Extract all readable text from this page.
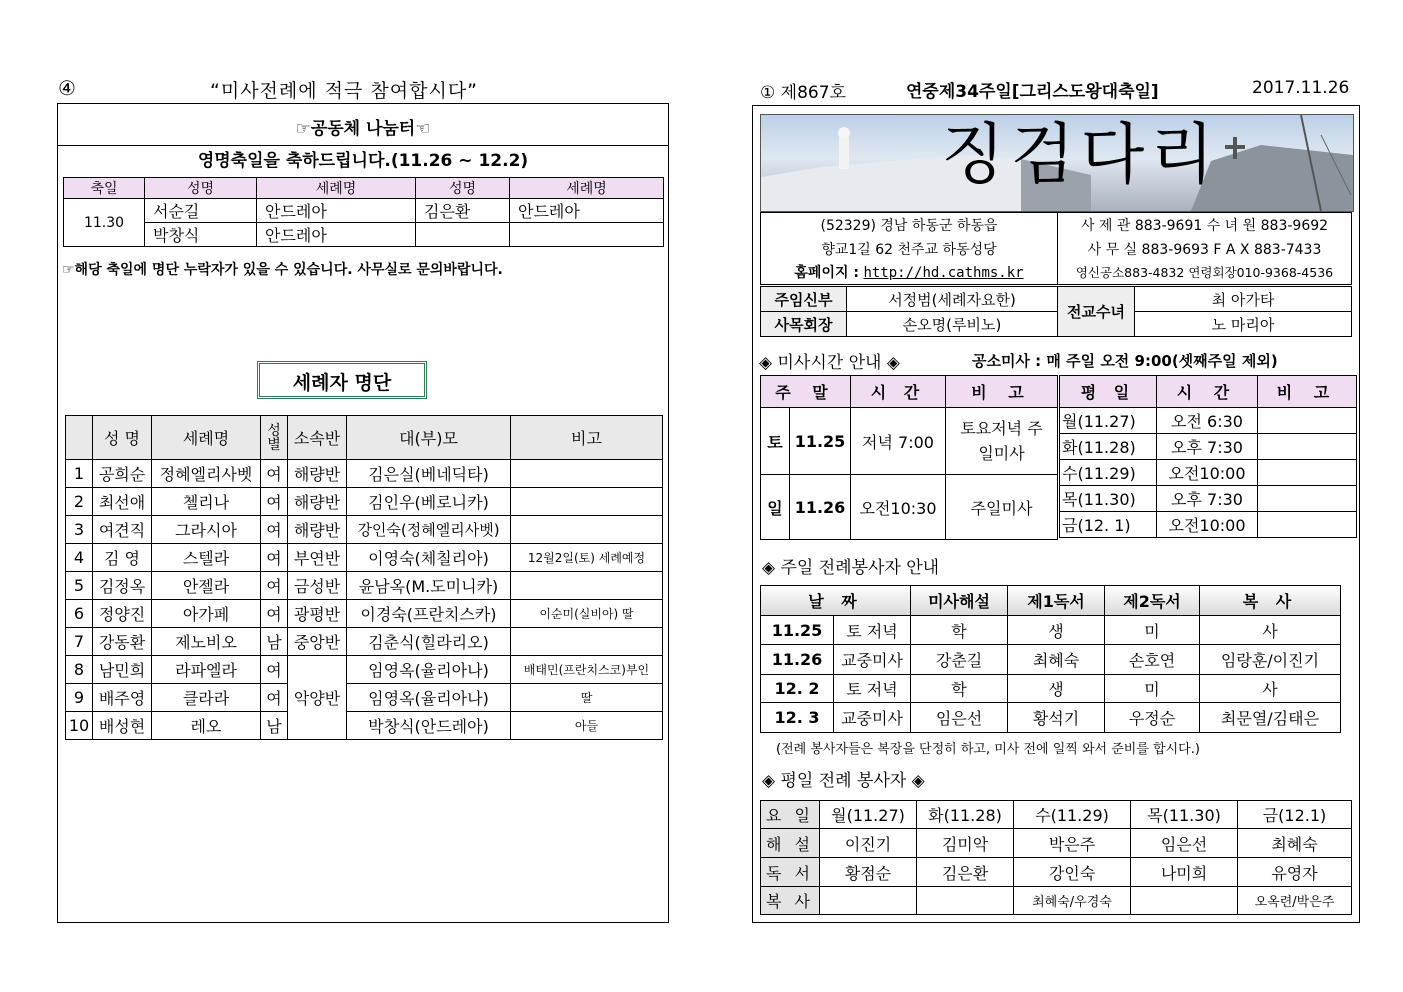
④	“미사전례에 적극 참여합시다”
☞공동체 나눔터☜
영명축일을 축하드립니다.(11.26 ~ 12.2)
축일	성명	세례명	성명	세례명
11.30	서순길	안드레아	김은환	안드레아
	박창식	안드레아		
☞해당 축일에 명단 누락자가 있을 수 있습니다. 사무실로 문의바랍니다.
세례자 명단
	성 명	세례명	성별	소속반	대(부)모	비고
1	공희순	정혜엘리사벳	여	해량반	김은실(베네딕타)	
2	최선애	첼리나	여	해량반	김인우(베로니카)	
3	여견직	그라시아	여	해량반	강인숙(정혜엘리사벳)	
4	김 영	스텔라	여	부연반	이영숙(체칠리아)	12월2일(토) 세례예정
5	김정옥	안젤라	여	금성반	윤남옥(M.도미니카)	
6	정양진	아가페	여	광평반	이경숙(프란치스카)	이순미(실비아) 딸
7	강동환	제노비오	남	중앙반	김춘식(힐라리오)	
8	남민희	라파엘라	여	악양반	임영옥(율리아나)	배태민(프란치스코)부인
9	배주영	클라라	여		임영옥(율리아나)	딸
10	배성현	레오	남		박창식(안드레아)	아들
① 제867호	연중제34주일[그리스도왕대축일]	2017.11.26
징검다리
(52329) 경남 하동군 하동읍	사 제 관 883-9691 수 녀 원 883-9692
향교1길 62 천주교 하동성당	사 무 실 883-9693 F A X 883-7433
홈페이지 : http://hd.cathms.kr	영신공소883-4832 연령회장010-9368-4536
주임신부	서정범(세례자요한)	전교수녀	최 아가타
사목회장	손오명(루비노)		노 마리아
◈ 미사시간 안내 ◈	공소미사 : 매 주일 오전 9:00(셋째주일 제외)
주 말		시 간	비 고
토	11.25	저녁 7:00	토요저녁 주일미사
일	11.26	오전10:30	주일미사
평 일	시 간	비 고
월(11.27)	오전 6:30	
화(11.28)	오후 7:30	
수(11.29)	오전10:00	
목(11.30)	오후 7:30	
금(12. 1)	오전10:00	
◈ 주일 전례봉사자 안내
날 짜		미사해설	제1독서	제2독서	복 사
11.25	토 저녁	학	생	미	사
11.26	교중미사	강춘길	최혜숙	손호연	임랑훈/이진기
12. 2	토 저녁	학	생	미	사
12. 3	교중미사	임은선	황석기	우정순	최문열/김태은
(전례 봉사자들은 복장을 단정히 하고, 미사 전에 일찍 와서 준비를 합시다.)
◈ 평일 전례 봉사자 ◈
요 일	월(11.27)	화(11.28)	수(11.29)	목(11.30)	금(12.1)
해 설	이진기	김미악	박은주	임은선	최혜숙
독 서	황점순	김은환	강인숙	나미희	유영자
복 사			최혜숙/우경숙		오옥련/박은주
